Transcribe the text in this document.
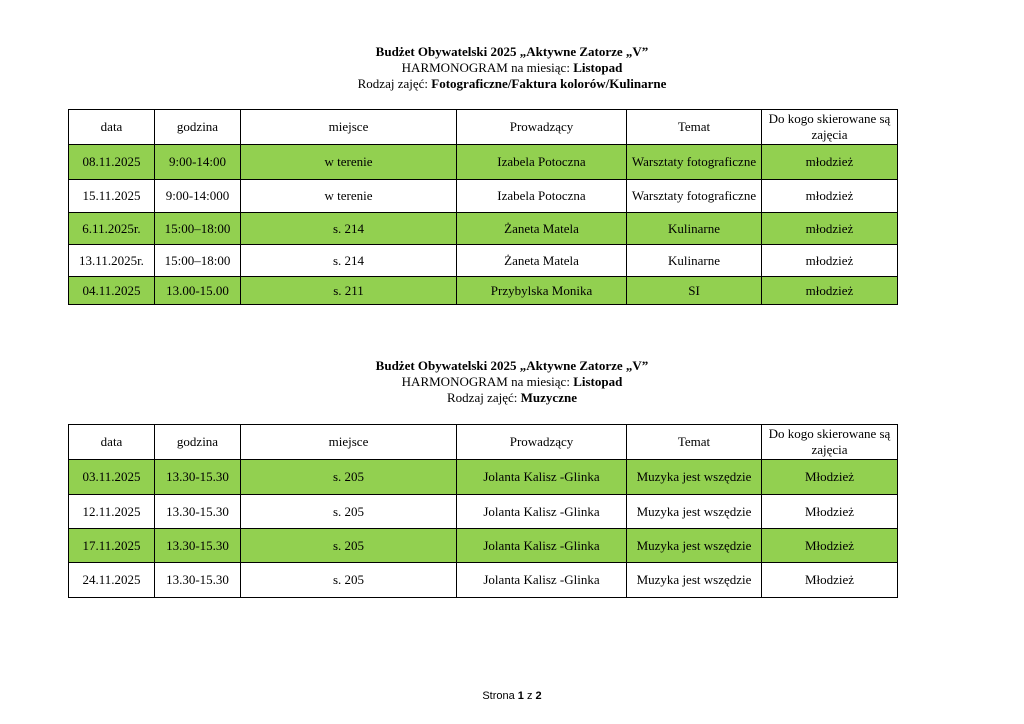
Budżet Obywatelski 2025 „Aktywne Zatorze „V”
HARMONOGRAM na miesiąc: Listopad
Rodzaj zajęć: Fotograficzne/Faktura kolorów/Kulinarne
data	godzina	miejsce	Prowadzący	Temat	Do kogo skierowane są zajęcia
08.11.2025	9:00-14:00	w terenie	Izabela Potoczna	Warsztaty fotograficzne	młodzież
15.11.2025	9:00-14:000	w terenie	Izabela Potoczna	Warsztaty fotograficzne	młodzież
6.11.2025r.	15:00–18:00	s. 214	Żaneta Matela	Kulinarne	młodzież
13.11.2025r.	15:00–18:00	s. 214	Żaneta Matela	Kulinarne	młodzież
04.11.2025	13.00-15.00	s. 211	Przybylska Monika	SI	młodzież
Budżet Obywatelski 2025 „Aktywne Zatorze „V”
HARMONOGRAM na miesiąc: Listopad
Rodzaj zajęć: Muzyczne
data	godzina	miejsce	Prowadzący	Temat	Do kogo skierowane są zajęcia
03.11.2025	13.30-15.30	s. 205	Jolanta Kalisz -Glinka	Muzyka jest wszędzie	Młodzież
12.11.2025	13.30-15.30	s. 205	Jolanta Kalisz -Glinka	Muzyka jest wszędzie	Młodzież
17.11.2025	13.30-15.30	s. 205	Jolanta Kalisz -Glinka	Muzyka jest wszędzie	Młodzież
24.11.2025	13.30-15.30	s. 205	Jolanta Kalisz -Glinka	Muzyka jest wszędzie	Młodzież
Strona 1 z 2
